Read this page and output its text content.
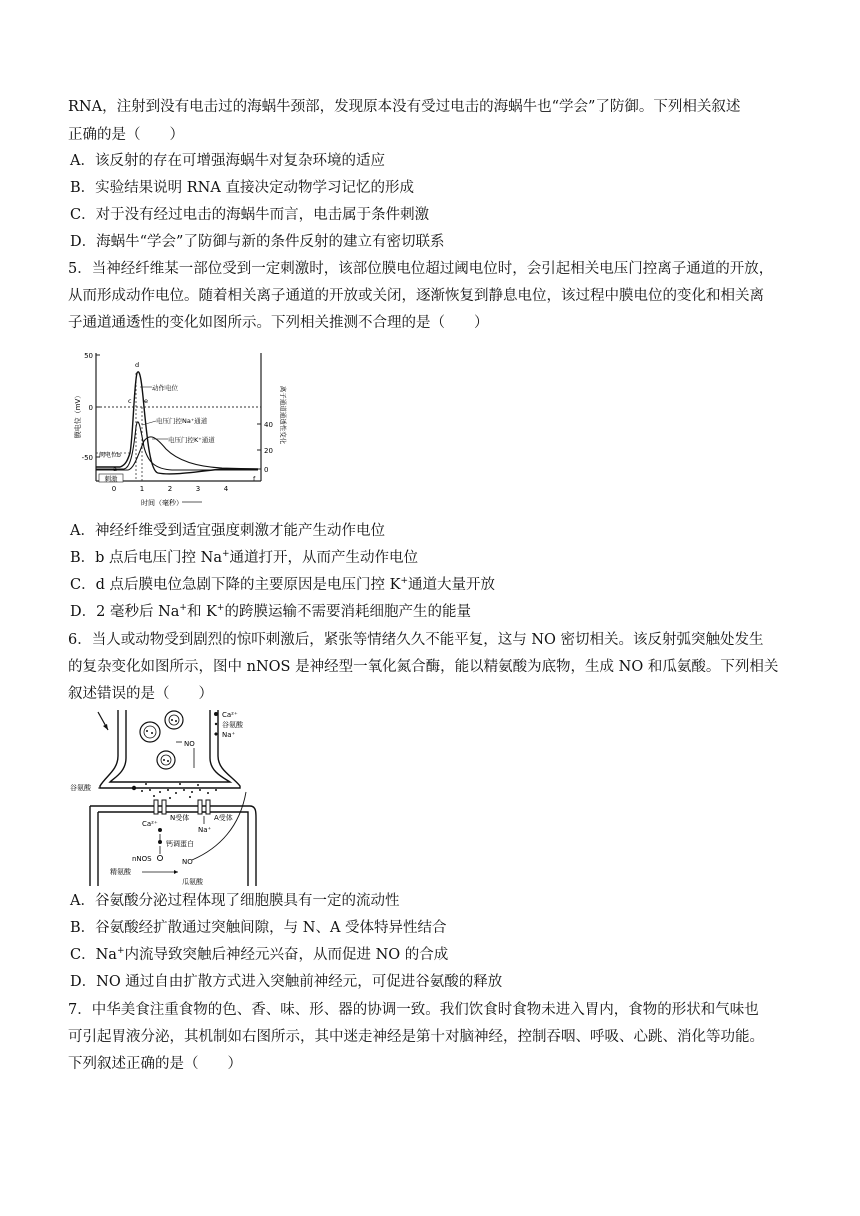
RNA，注射到没有电击过的海蜗牛颈部，发现原本没有受过电击的海蜗牛也“学会”了防御。下列相关叙述
正确的是（　　）
A．该反射的存在可增强海蜗牛对复杂环境的适应
B．实验结果说明 RNA 直接决定动物学习记忆的形成
C．对于没有经过电击的海蜗牛而言，电击属于条件刺激
D．海蜗牛“学会”了防御与新的条件反射的建立有密切联系
5．当神经纤维某一部位受到一定刺激时，该部位膜电位超过阈电位时，会引起相关电压门控离子通道的开放，
从而形成动作电位。随着相关离子通道的开放或关闭，逐渐恢复到静息电位，该过程中膜电位的变化和相关离
子通道通透性的变化如图所示。下列相关推测不合理的是（　　）
50
0
-50
膜电位（mV）	40
20
0
离子通道通透性变化
0	1	2	3	4
时间（毫秒）
刺激
a
阈电位b
c
d
e
f
动作电位
电压门控Na⁺通道
电压门控K⁺通道
A．神经纤维受到适宜强度刺激才能产生动作电位
B．b 点后电压门控 Na+通道打开，从而产生动作电位
C．d 点后膜电位急剧下降的主要原因是电压门控 K+通道大量开放
D．2 毫秒后 Na+和 K+的跨膜运输不需要消耗细胞产生的能量
6．当人或动物受到剧烈的惊吓刺激后，紧张等情绪久久不能平复，这与 NO 密切相关。该反射弧突触处发生
的复杂变化如图所示，图中 nNOS 是神经型一氧化氮合酶，能以精氨酸为底物，生成 NO 和瓜氨酸。下列相关
叙述错误的是（　　）
NO
Ca²⁺
谷氨酸
Na⁺
谷氨酸
N受体	A受体
Na⁺
Ca²⁺
钙调蛋白
nNOS
精氨酸
NO
瓜氨酸
A．谷氨酸分泌过程体现了细胞膜具有一定的流动性
B．谷氨酸经扩散通过突触间隙，与 N、A 受体特异性结合
C．Na+内流导致突触后神经元兴奋，从而促进 NO 的合成
D．NO 通过自由扩散方式进入突触前神经元，可促进谷氨酸的释放
7．中华美食注重食物的色、香、味、形、器的协调一致。我们饮食时食物未进入胃内，食物的形状和气味也
可引起胃液分泌，其机制如右图所示，其中迷走神经是第十对脑神经，控制吞咽、呼吸、心跳、消化等功能。
下列叙述正确的是（　　）
